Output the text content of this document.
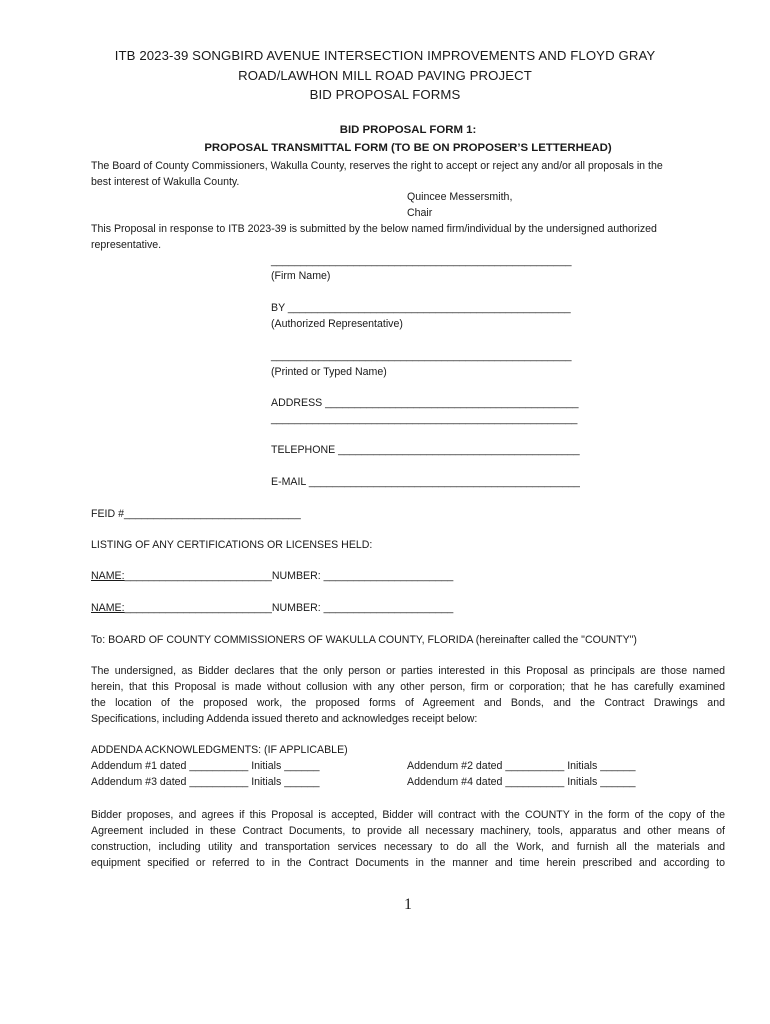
ITB 2023-39 SONGBIRD AVENUE INTERSECTION IMPROVEMENTS AND FLOYD GRAY
ROAD/LAWHON MILL ROAD PAVING PROJECT
BID PROPOSAL FORMS
BID PROPOSAL FORM 1:
PROPOSAL TRANSMITTAL FORM (TO BE ON PROPOSER’S LETTERHEAD)
The Board of County Commissioners, Wakulla County, reserves the right to accept or reject any and/or all proposals in the
best interest of Wakulla County.
Quincee Messersmith,
Chair
This Proposal in response to ITB 2023-39 is submitted by the below named firm/individual by the undersigned authorized
representative.
___________________________________________________
(Firm Name)
BY ________________________________________________
(Authorized Representative)
___________________________________________________
(Printed or Typed Name)
ADDRESS ___________________________________________
____________________________________________________
TELEPHONE _________________________________________
E-MAIL ______________________________________________
FEID #______________________________
LISTING OF ANY CERTIFICATIONS OR LICENSES HELD:
NAME:_________________________NUMBER: ______________________
NAME:_________________________NUMBER: ______________________
To: BOARD OF COUNTY COMMISSIONERS OF WAKULLA COUNTY, FLORIDA (hereinafter called the "COUNTY")
The undersigned, as Bidder declares that the only person or parties interested in this Proposal as principals are those named
herein, that this Proposal is made without collusion with any other person, firm or corporation; that he has carefully examined
the location of the proposed work, the proposed forms of Agreement and Bonds, and the Contract Drawings and
Specifications, including Addenda issued thereto and acknowledges receipt below:
ADDENDA ACKNOWLEDGMENTS: (IF APPLICABLE)
Addendum #1 dated __________ Initials ______	Addendum #2 dated __________ Initials ______
Addendum #3 dated __________ Initials ______	Addendum #4 dated __________ Initials ______
Bidder proposes, and agrees if this Proposal is accepted, Bidder will contract with the COUNTY in the form of the copy of the
Agreement included in these Contract Documents, to provide all necessary machinery, tools, apparatus and other means of
construction, including utility and transportation services necessary to do all the Work, and furnish all the materials and
equipment specified or referred to in the Contract Documents in the manner and time herein prescribed and according to
1
